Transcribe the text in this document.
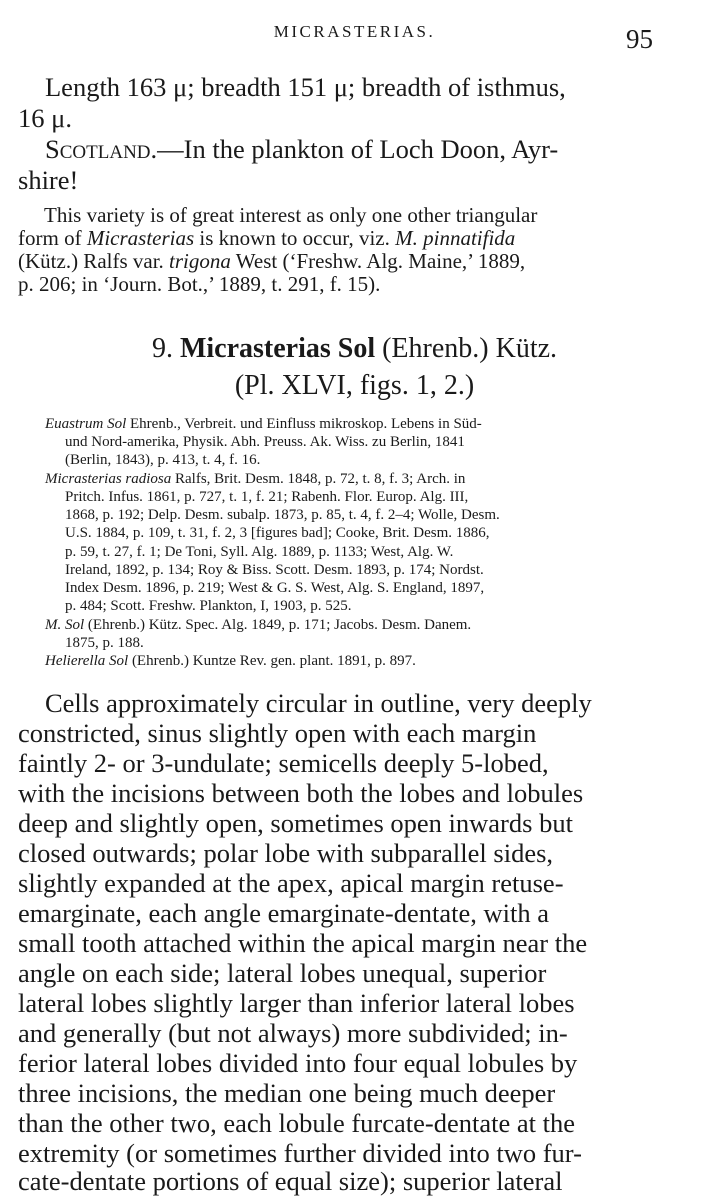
MICRASTERIAS.	95
Length 163 μ; breadth 151 μ; breadth of isthmus,
16 μ.
Scotland.—In the plankton of Loch Doon, Ayr-
shire!
This variety is of great interest as only one other triangular
form of Micrasterias is known to occur, viz. M. pinnatifida
(Kütz.) Ralfs var. trigona West (‘Freshw. Alg. Maine,’ 1889,
p. 206; in ‘Journ. Bot.,’ 1889, t. 291, f. 15).
9. Micrasterias Sol (Ehrenb.) Kütz.
(Pl. XLVI, figs. 1, 2.)
Euastrum Sol Ehrenb., Verbreit. und Einfluss mikroskop. Lebens in Süd-
und Nord-amerika, Physik. Abh. Preuss. Ak. Wiss. zu Berlin, 1841
(Berlin, 1843), p. 413, t. 4, f. 16.
Micrasterias radiosa Ralfs, Brit. Desm. 1848, p. 72, t. 8, f. 3; Arch. in
Pritch. Infus. 1861, p. 727, t. 1, f. 21; Rabenh. Flor. Europ. Alg. III,
1868, p. 192; Delp. Desm. subalp. 1873, p. 85, t. 4, f. 2–4; Wolle, Desm.
U.S. 1884, p. 109, t. 31, f. 2, 3 [figures bad]; Cooke, Brit. Desm. 1886,
p. 59, t. 27, f. 1; De Toni, Syll. Alg. 1889, p. 1133; West, Alg. W.
Ireland, 1892, p. 134; Roy & Biss. Scott. Desm. 1893, p. 174; Nordst.
Index Desm. 1896, p. 219; West & G. S. West, Alg. S. England, 1897,
p. 484; Scott. Freshw. Plankton, I, 1903, p. 525.
M. Sol (Ehrenb.) Kütz. Spec. Alg. 1849, p. 171; Jacobs. Desm. Danem.
1875, p. 188.
Helierella Sol (Ehrenb.) Kuntze Rev. gen. plant. 1891, p. 897.
Cells approximately circular in outline, very deeply
constricted, sinus slightly open with each margin
faintly 2- or 3-undulate; semicells deeply 5-lobed,
with the incisions between both the lobes and lobules
deep and slightly open, sometimes open inwards but
closed outwards; polar lobe with subparallel sides,
slightly expanded at the apex, apical margin retuse-
emarginate, each angle emarginate-dentate, with a
small tooth attached within the apical margin near the
angle on each side; lateral lobes unequal, superior
lateral lobes slightly larger than inferior lateral lobes
and generally (but not always) more subdivided; in-
ferior lateral lobes divided into four equal lobules by
three incisions, the median one being much deeper
than the other two, each lobule furcate-dentate at the
extremity (or sometimes further divided into two fur-
cate-dentate portions of equal size); superior lateral
